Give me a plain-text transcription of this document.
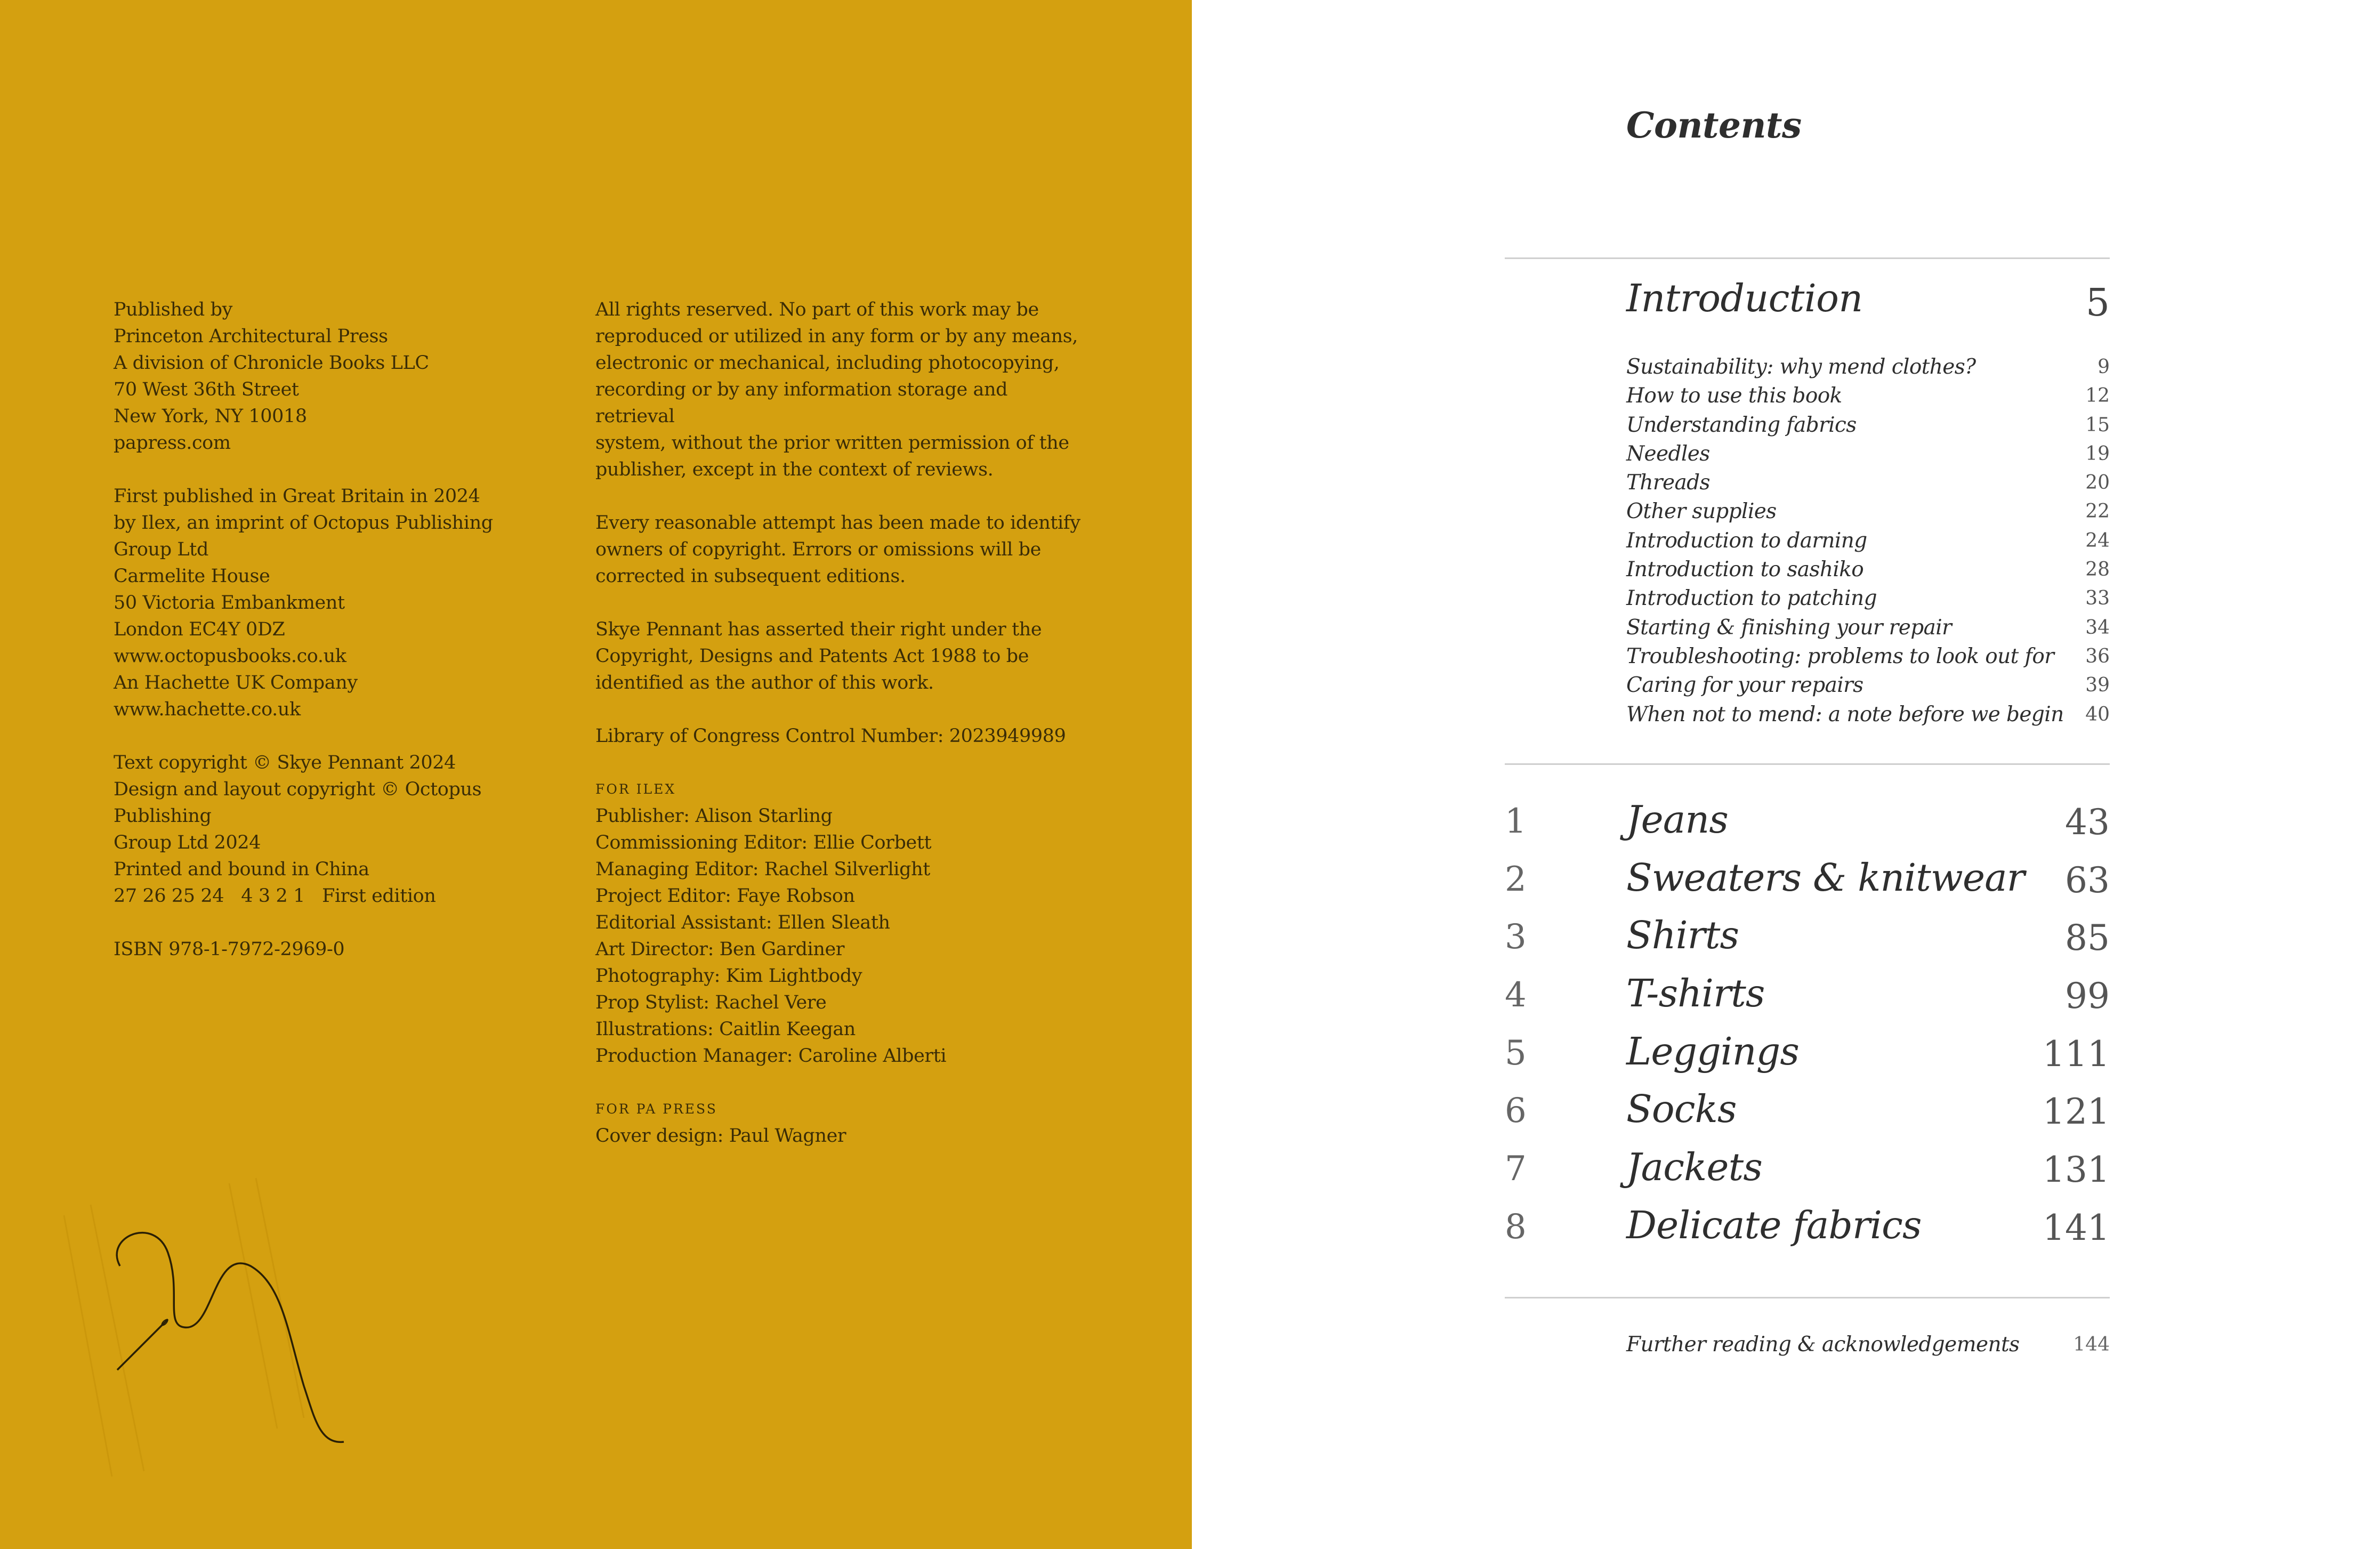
Published by

Princeton Architectural Press

A division of Chronicle Books LLC

70 West 36th Street

New York, NY 10018

papress.com

First published in Great Britain in 2024

by Ilex, an imprint of Octopus Publishing Group Ltd

Carmelite House

50 Victoria Embankment

London EC4Y 0DZ

www.octopusbooks.co.uk

An Hachette UK Company

www.hachette.co.uk

Text copyright © Skye Pennant 2024

Design and layout copyright © Octopus Publishing

Group Ltd 2024

Printed and bound in China

27 26 25 24   4 3 2 1   First edition

ISBN 978-1-7972-2969-0

All rights reserved. No part of this work may be

reproduced or utilized in any form or by any means,

electronic or mechanical, including photocopying,

recording or by any information storage and retrieval

system, without the prior written permission of the

publisher, except in the context of reviews.

Every reasonable attempt has been made to identify

owners of copyright. Errors or omissions will be

corrected in subsequent editions.

Skye Pennant has asserted their right under the

Copyright, Designs and Patents Act 1988 to be

identified as the author of this work.

Library of Congress Control Number: 2023949989

FOR ILEX

Publisher: Alison Starling

Commissioning Editor: Ellie Corbett

Managing Editor: Rachel Silverlight

Project Editor: Faye Robson

Editorial Assistant: Ellen Sleath

Art Director: Ben Gardiner

Photography: Kim Lightbody

Prop Stylist: Rachel Vere

Illustrations: Caitlin Keegan

Production Manager: Caroline Alberti

FOR PA PRESS

Cover design: Paul Wagner

Contents
Introduction	5
Sustainability: why mend clothes?	9
How to use this book	12
Understanding fabrics	15
Needles	19
Threads	20
Other supplies	22
Introduction to darning	24
Introduction to sashiko	28
Introduction to patching	33
Starting & finishing your repair	34
Troubleshooting: problems to look out for 36
Caring for your repairs	39
When not to mend: a note before we begin 40
1	Jeans	43
2	Sweaters & knitwear 63
3	Shirts	85
4	T-shirts	99
5	Leggings	111
6	Socks	121
7	Jackets	131
8	Delicate fabrics	141
Further reading & acknowledgements	144
